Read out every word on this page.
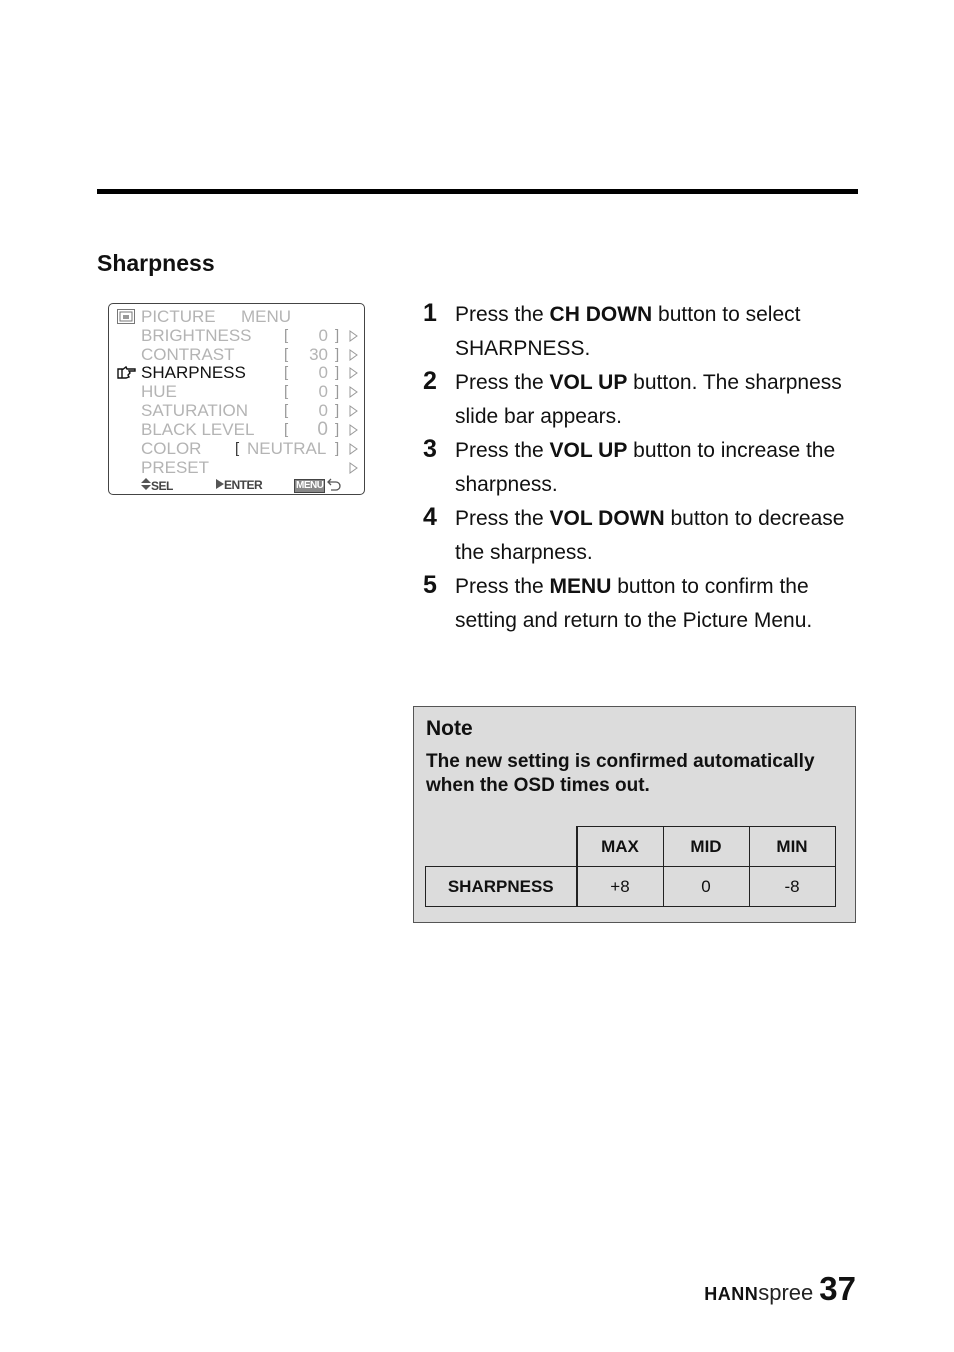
Sharpness
PICTURE MENU
BRIGHTNESS [ 0 ]
CONTRAST	[ 30 ]
SHARPNESS	[ 0 ]
HUE	[ 0 ]
SATURATION [ 0 ]
BLACK LEVEL [ 0 ]
COLOR [ NEUTRAL ]
PRESET
SEL	ENTER	MENU
1 Press the CH DOWN button to select SHARPNESS.
2 Press the VOL UP button. The sharpness slide bar appears.
3 Press the VOL UP button to increase the sharpness.
4 Press the VOL DOWN button to decrease the sharpness.
5 Press the MENU button to confirm the setting and return to the Picture Menu.
Note
The new setting is confirmed automatically when the OSD times out.
	MAX	MID	MIN
SHARPNESS	+8	0	-8
HANNspree 37
